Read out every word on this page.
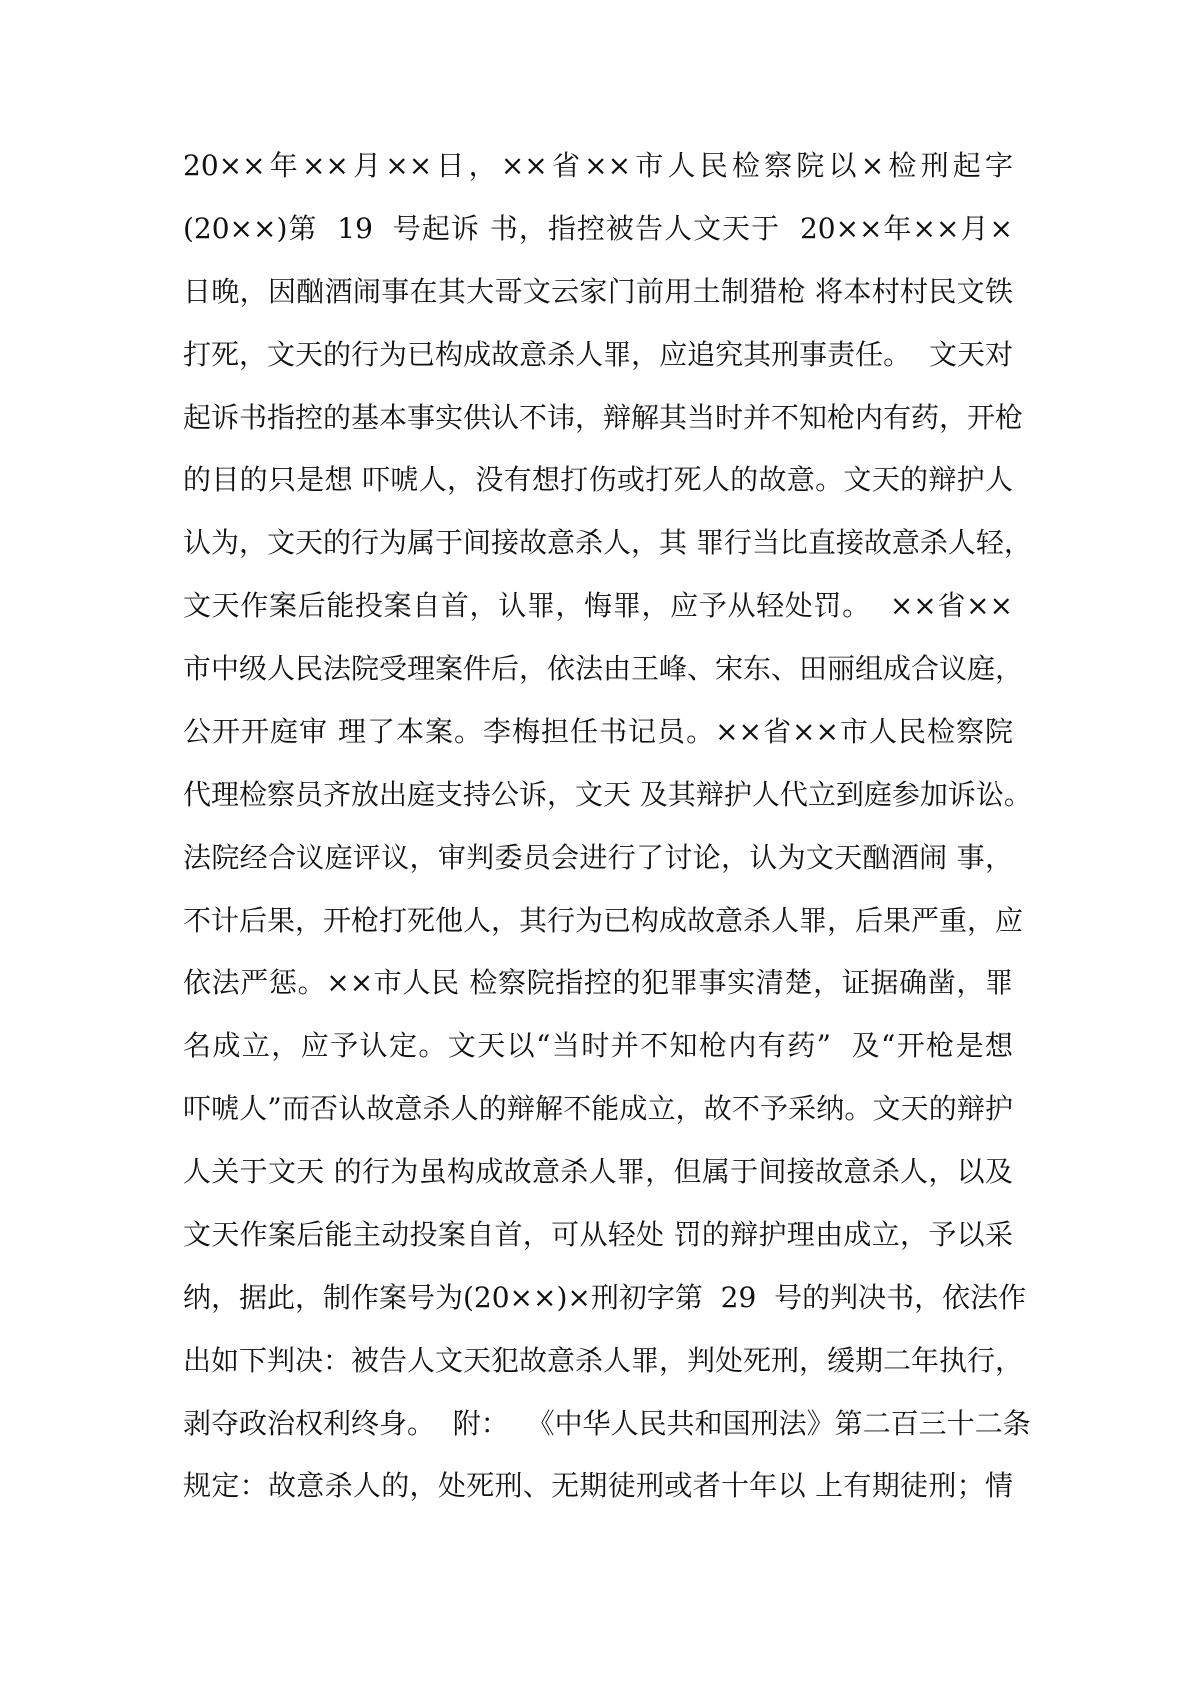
20××年××月××日，××省××市人民检察院以×检刑起字
(20××)第  19  号起诉 书，指控被告人文天于  20××年××月×
日晚，因酗酒闹事在其大哥文云家门前用土制猎枪 将本村村民文铁
打死，文天的行为已构成故意杀人罪，应追究其刑事责任。  文天对
起诉书指控的基本事实供认不讳，辩解其当时并不知枪内有药，开枪
的目的只是想 吓唬人，没有想打伤或打死人的故意。文天的辩护人
认为，文天的行为属于间接故意杀人，其 罪行当比直接故意杀人轻，
文天作案后能投案自首，认罪，悔罪，应予从轻处罚。  ××省××
市中级人民法院受理案件后，依法由王峰、宋东、田丽组成合议庭，
公开开庭审 理了本案。李梅担任书记员。××省××市人民检察院
代理检察员齐放出庭支持公诉，文天 及其辩护人代立到庭参加诉讼。
法院经合议庭评议，审判委员会进行了讨论，认为文天酗酒闹 事，
不计后果，开枪打死他人，其行为已构成故意杀人罪，后果严重，应
依法严惩。××市人民 检察院指控的犯罪事实清楚，证据确凿，罪
名成立，应予认定。文天以“当时并不知枪内有药”  及“开枪是想
吓唬人”而否认故意杀人的辩解不能成立，故不予采纳。文天的辩护
人关于文天 的行为虽构成故意杀人罪，但属于间接故意杀人，以及
文天作案后能主动投案自首，可从轻处 罚的辩护理由成立，予以采
纳，据此，制作案号为(20××)×刑初字第  29  号的判决书，依法作
出如下判决：被告人文天犯故意杀人罪，判处死刑，缓期二年执行，
剥夺政治权利终身。  附：  《中华人民共和国刑法》第二百三十二条
规定：故意杀人的，处死刑、无期徒刑或者十年以 上有期徒刑；情
